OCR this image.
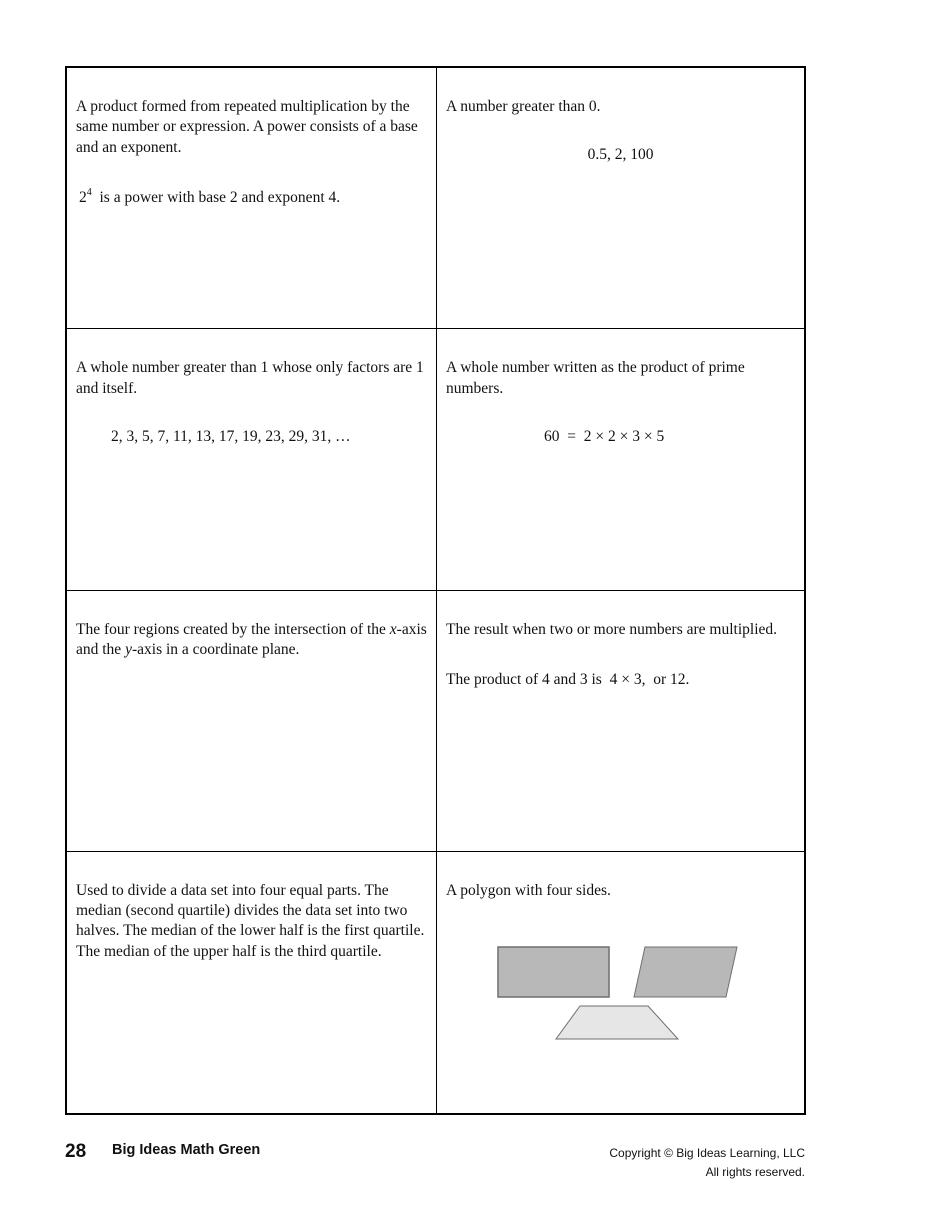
A product formed from repeated multiplication by the same number or expression. A power consists of a base and an exponent.

$2^4$ is a power with base 2 and exponent 4.

A number greater than 0.

0.5, 2, 100

A whole number greater than 1 whose only factors are 1 and itself.

2, 3, 5, 7, 11, 13, 17, 19, 23, 29, 31, …

A whole number written as the product of prime numbers.

60  =  2 × 2 × 3 × 5

The four regions created by the intersection of the x-axis and the y-axis in a coordinate plane.

The result when two or more numbers are multiplied.

The product of 4 and 3 is  4 × 3,  or 12.

Used to divide a data set into four equal parts. The median (second quartile) divides the data set into two halves. The median of the lower half is the first quartile. The median of the upper half is the third quartile.

A polygon with four sides.

28 Big Ideas Math Green	Copyright © Big Ideas Learning, LLC
All rights reserved.
